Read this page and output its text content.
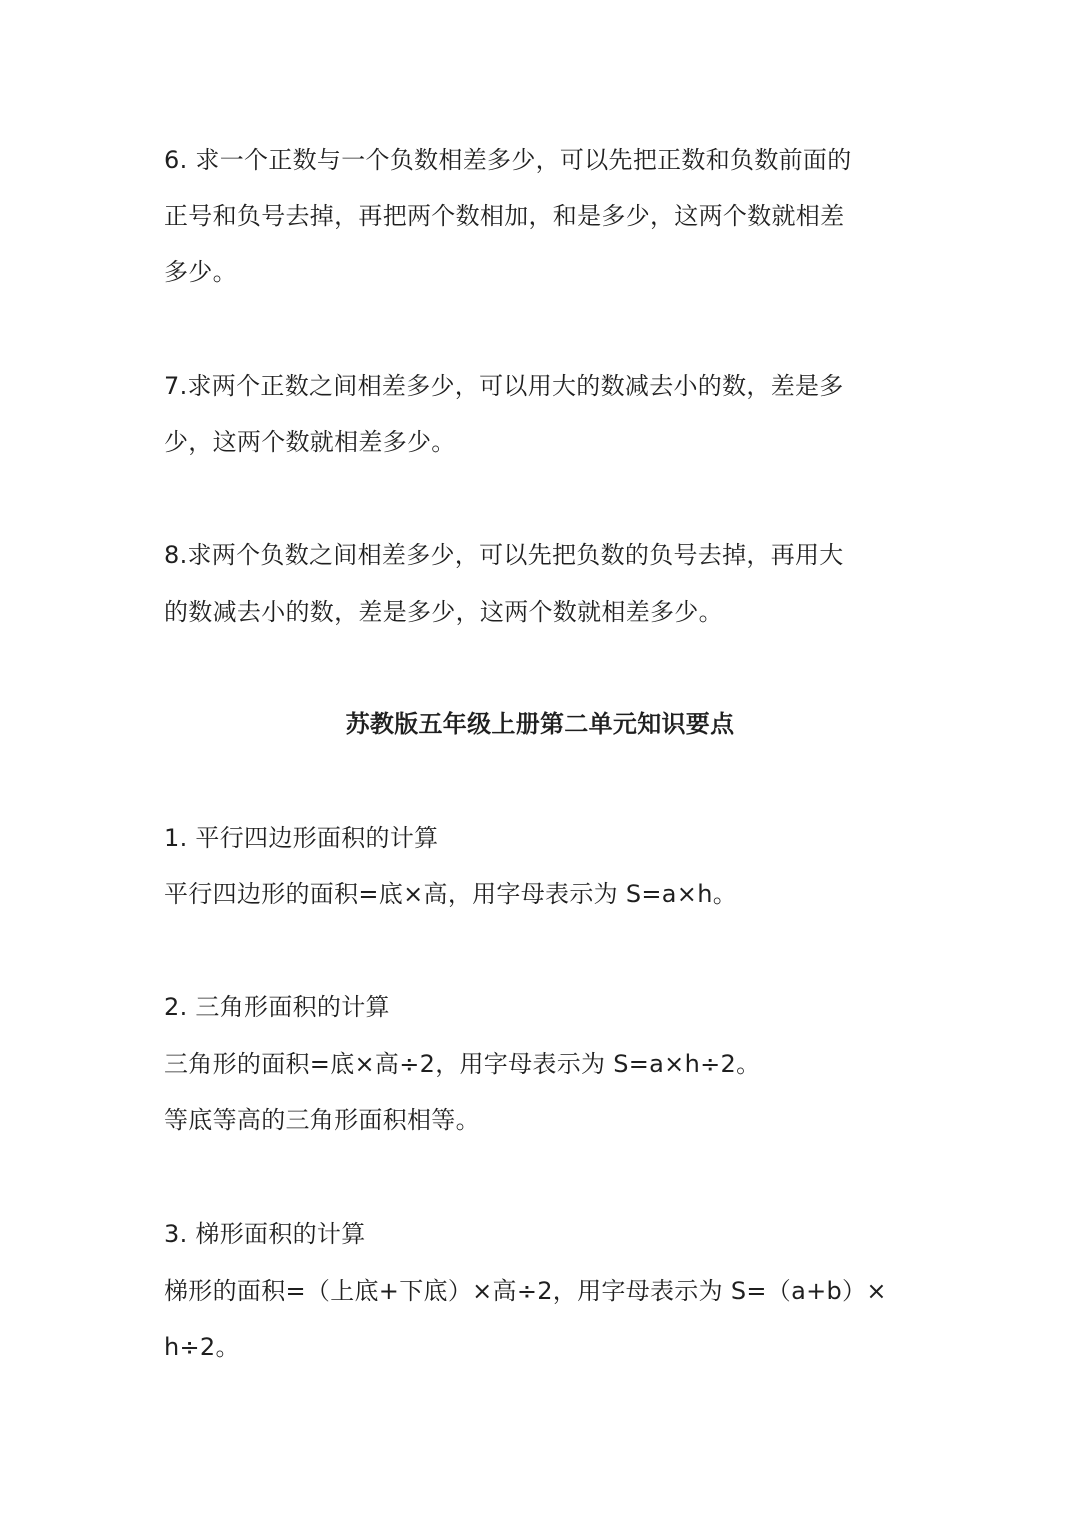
6. 求一个正数与一个负数相差多少，可以先把正数和负数前面的
正号和负号去掉，再把两个数相加，和是多少，这两个数就相差
多少。
7.求两个正数之间相差多少，可以用大的数减去小的数，差是多
少，这两个数就相差多少。
8.求两个负数之间相差多少，可以先把负数的负号去掉，再用大
的数减去小的数，差是多少，这两个数就相差多少。
苏教版五年级上册第二单元知识要点
1. 平行四边形面积的计算
平行四边形的面积=底×高，用字母表示为 S=a×h。
2. 三角形面积的计算
三角形的面积=底×高÷2，用字母表示为 S=a×h÷2。
等底等高的三角形面积相等。
3. 梯形面积的计算
梯形的面积=（上底+下底）×高÷2，用字母表示为 S=（a+b）×
h÷2。
